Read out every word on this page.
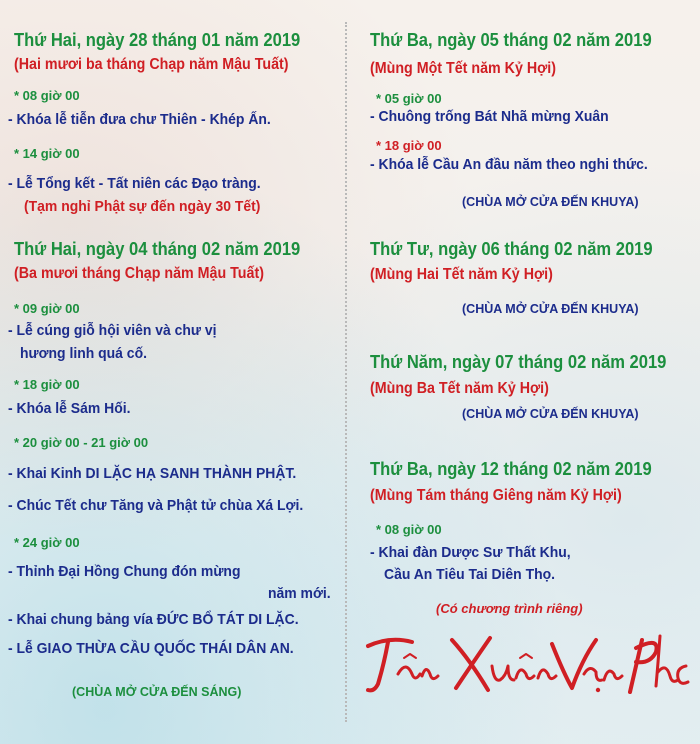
Thứ Hai, ngày 28 tháng 01 năm 2019
(Hai mươi ba tháng Chạp năm Mậu Tuất)
* 08 giờ 00
- Khóa lễ tiễn đưa chư Thiên - Khép Ấn.
* 14 giờ 00
- Lễ Tổng kết - Tất niên các Đạo tràng.
(Tạm nghỉ Phật sự đến ngày 30 Tết)
Thứ Hai, ngày 04 tháng 02 năm 2019
(Ba mươi tháng Chạp năm Mậu Tuất)
* 09 giờ 00
- Lễ cúng giỗ hội viên và chư vị
hương linh quá cố.
* 18 giờ 00
- Khóa lễ Sám Hối.
* 20 giờ 00 - 21 giờ 00
- Khai Kinh DI LẶC HẠ SANH THÀNH PHẬT.
- Chúc Tết chư Tăng và Phật tử chùa Xá Lợi.
* 24 giờ 00
- Thỉnh Đại Hồng Chung đón mừng
năm mới.
- Khai chung bảng vía ĐỨC BỔ TÁT DI LẶC.
- Lễ GIAO THỪA CẦU QUỐC THÁI DÂN AN.
(CHÙA MỞ CỬA ĐẾN SÁNG)
Thứ Ba, ngày 05 tháng 02 năm 2019
(Mùng Một Tết năm Kỷ Hợi)
* 05 giờ 00
- Chuông trống Bát Nhã mừng Xuân
* 18 giờ 00
- Khóa lễ Cầu An đầu năm theo nghi thức.
(CHÙA MỞ CỬA ĐẾN KHUYA)
Thứ Tư, ngày 06 tháng 02 năm 2019
(Mùng Hai Tết năm Kỷ Hợi)
(CHÙA MỞ CỬA ĐẾN KHUYA)
Thứ Năm, ngày 07 tháng 02 năm 2019
(Mùng Ba Tết năm Kỷ Hợi)
(CHÙA MỞ CỬA ĐẾN KHUYA)
Thứ Ba, ngày 12 tháng 02 năm 2019
(Mùng Tám tháng Giêng năm Kỷ Hợi)
* 08 giờ 00
- Khai đàn Dược Sư Thất Khu,
Cầu An Tiêu Tai Diên Thọ.
(Có chương trình riêng)
